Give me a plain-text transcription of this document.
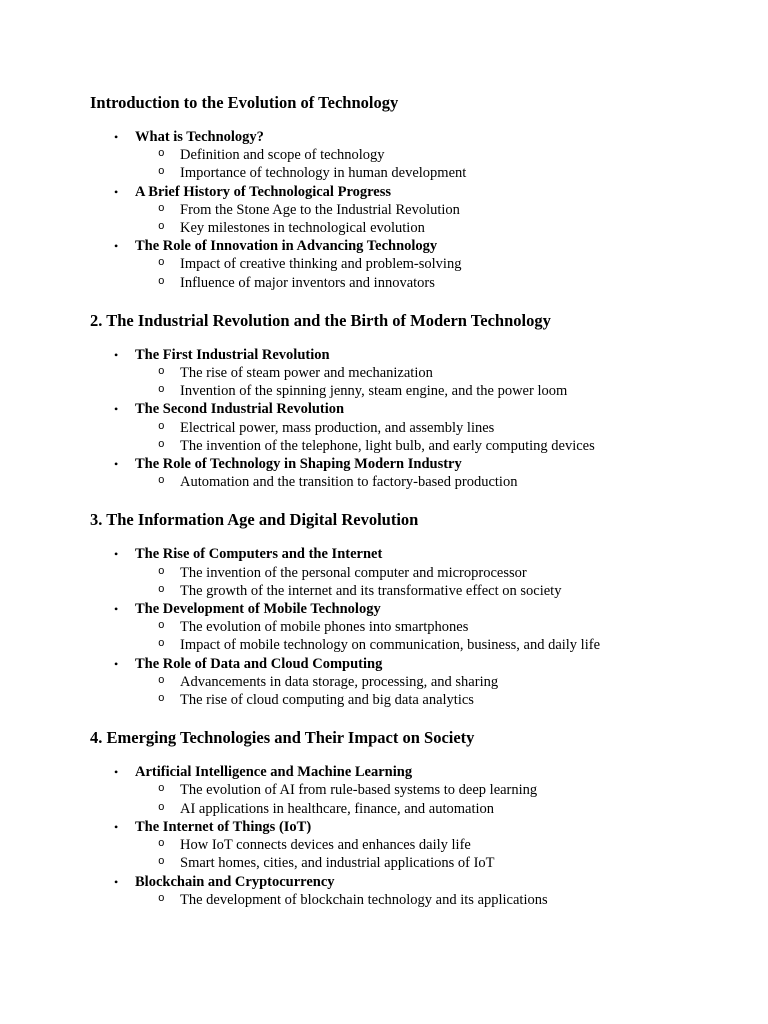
Introduction to the Evolution of Technology
• What is Technology?
o Definition and scope of technology
o Importance of technology in human development
• A Brief History of Technological Progress
o From the Stone Age to the Industrial Revolution
o Key milestones in technological evolution
• The Role of Innovation in Advancing Technology
o Impact of creative thinking and problem-solving
o Influence of major inventors and innovators
2. The Industrial Revolution and the Birth of Modern Technology
• The First Industrial Revolution
o The rise of steam power and mechanization
o Invention of the spinning jenny, steam engine, and the power loom
• The Second Industrial Revolution
o Electrical power, mass production, and assembly lines
o The invention of the telephone, light bulb, and early computing devices
• The Role of Technology in Shaping Modern Industry
o Automation and the transition to factory-based production
3. The Information Age and Digital Revolution
• The Rise of Computers and the Internet
o The invention of the personal computer and microprocessor
o The growth of the internet and its transformative effect on society
• The Development of Mobile Technology
o The evolution of mobile phones into smartphones
o Impact of mobile technology on communication, business, and daily life
• The Role of Data and Cloud Computing
o Advancements in data storage, processing, and sharing
o The rise of cloud computing and big data analytics
4. Emerging Technologies and Their Impact on Society
• Artificial Intelligence and Machine Learning
o The evolution of AI from rule-based systems to deep learning
o AI applications in healthcare, finance, and automation
• The Internet of Things (IoT)
o How IoT connects devices and enhances daily life
o Smart homes, cities, and industrial applications of IoT
• Blockchain and Cryptocurrency
o The development of blockchain technology and its applications
